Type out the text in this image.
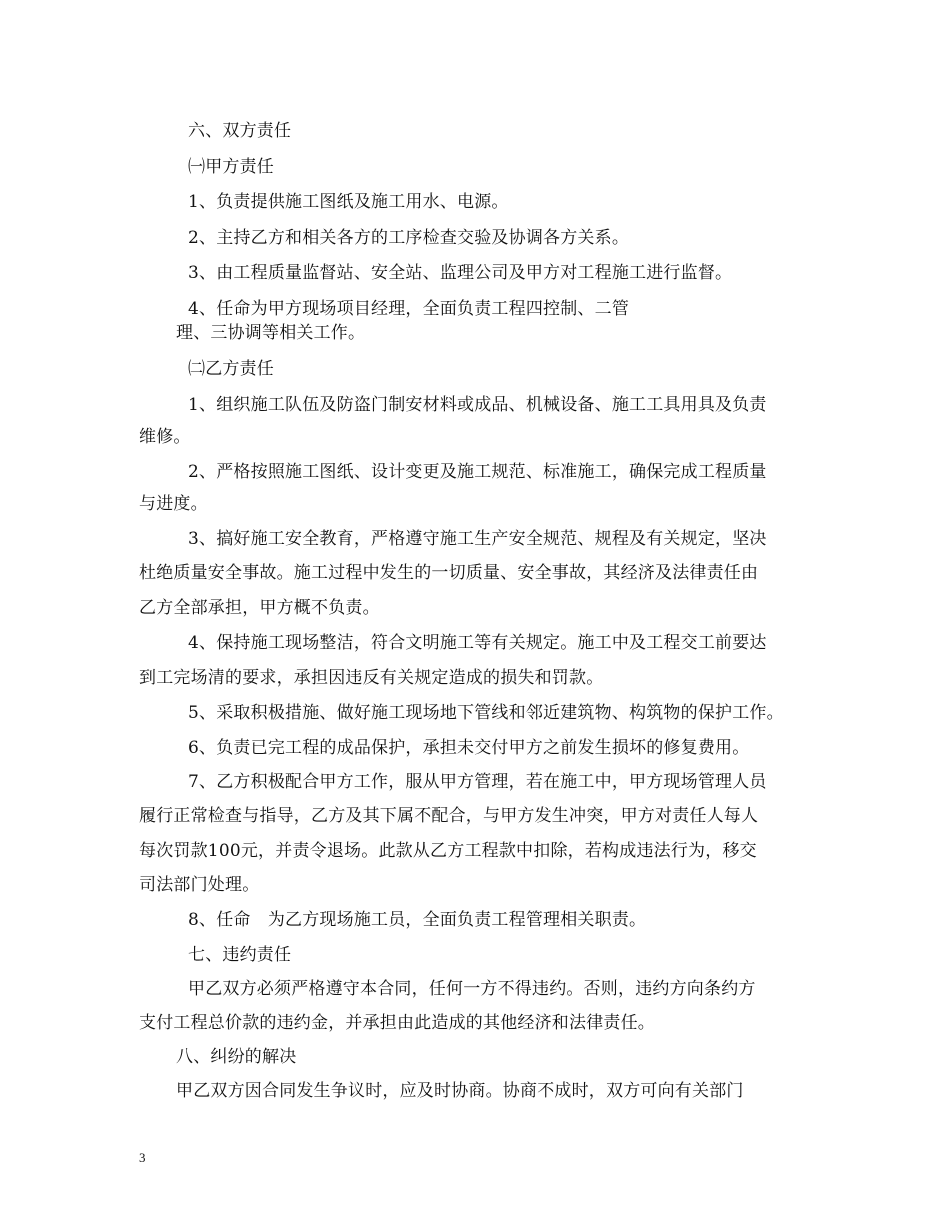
六、双方责任
㈠甲方责任
1、负责提供施工图纸及施工用水、电源。
2、主持乙方和相关各方的工序检查交验及协调各方关系。
3、由工程质量监督站、安全站、监理公司及甲方对工程施工进行监督。
4、任命为甲方现场项目经理，全面负责工程四控制、二管
理、三协调等相关工作。
㈡乙方责任
1、组织施工队伍及防盗门制安材料或成品、机械设备、施工工具用具及负责
维修。
2、严格按照施工图纸、设计变更及施工规范、标准施工，确保完成工程质量
与进度。
3、搞好施工安全教育，严格遵守施工生产安全规范、规程及有关规定，坚决
杜绝质量安全事故。施工过程中发生的一切质量、安全事故，其经济及法律责任由
乙方全部承担，甲方概不负责。
4、保持施工现场整洁，符合文明施工等有关规定。施工中及工程交工前要达
到工完场清的要求，承担因违反有关规定造成的损失和罚款。
5、采取积极措施、做好施工现场地下管线和邻近建筑物、构筑物的保护工作。
6、负责已完工程的成品保护，承担未交付甲方之前发生损坏的修复费用。
7、乙方积极配合甲方工作，服从甲方管理，若在施工中，甲方现场管理人员
履行正常检查与指导，乙方及其下属不配合，与甲方发生冲突，甲方对责任人每人
每次罚款100元，并责令退场。此款从乙方工程款中扣除，若构成违法行为，移交
司法部门处理。
8、任命　为乙方现场施工员，全面负责工程管理相关职责。
七、违约责任
甲乙双方必须严格遵守本合同，任何一方不得违约。否则，违约方向条约方
支付工程总价款的违约金，并承担由此造成的其他经济和法律责任。
八、纠纷的解决
甲乙双方因合同发生争议时，应及时协商。协商不成时，双方可向有关部门
3
